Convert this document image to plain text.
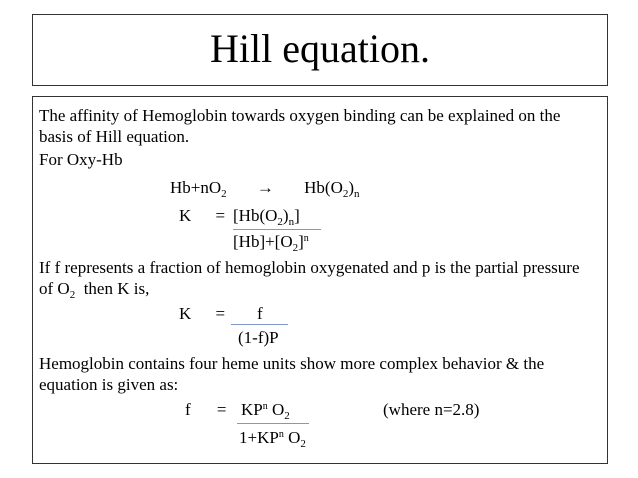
Hill equation.
The affinity of Hemoglobin towards oxygen binding can be explained on the basis of Hill equation.
For Oxy-Hb
$Hb+nO_2 \to Hb(O_2)_n$
$K = [Hb(O_2)_n]$
$[Hb]+[O_2]^n$
If f represents a fraction of hemoglobin oxygenated and p is the partial pressure of $O_2$  then K is,
K = f
(1-f)P
Hemoglobin contains four heme units show more complex behavior & the equation is given as:
$f = KP^n$ $O_2$	(where n=2.8)
$1+KP^n$ $O_2$
